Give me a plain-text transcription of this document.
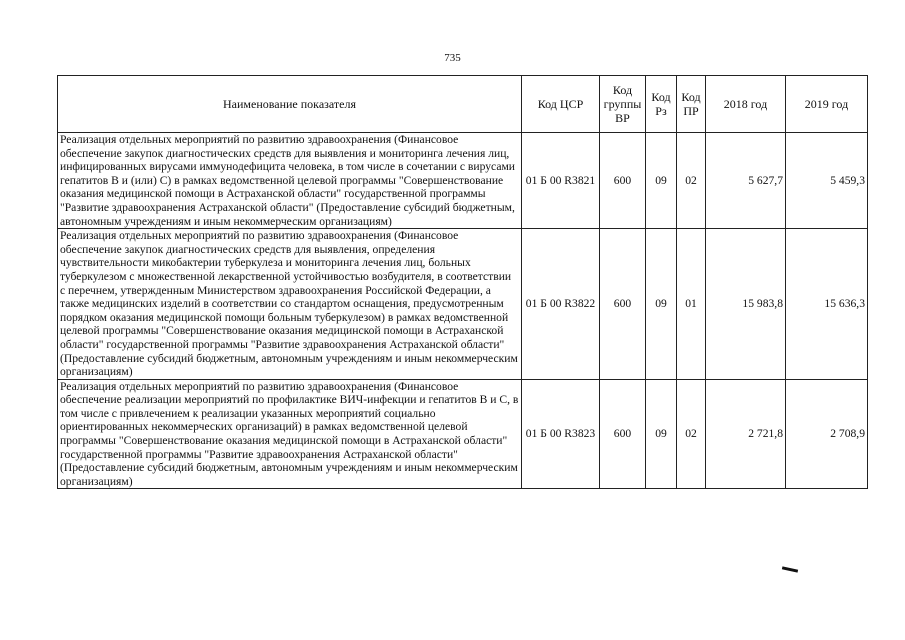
735
Наименование показателя	Код ЦСР	Код группы ВР	Код Рз	Код ПР	2018 год	2019 год
Реализация отдельных мероприятий по развитию здравоохранения (Финансовое обеспечение закупок диагностических средств для выявления и мониторинга лечения лиц, инфицированных вирусами иммунодефицита человека, в том числе в сочетании с вирусами гепатитов В и (или) С) в рамках ведомственной целевой программы "Совершенствование оказания медицинской помощи в Астраханской области" государственной программы "Развитие здравоохранения Астраханской области" (Предоставление субсидий бюджетным, автономным учреждениям и иным некоммерческим организациям)	01 Б 00 R3821	600	09	02	5 627,7	5 459,3
Реализация отдельных мероприятий по развитию здравоохранения (Финансовое обеспечение закупок диагностических средств для выявления, определения чувствительности микобактерии туберкулеза и мониторинга лечения лиц, больных туберкулезом с множественной лекарственной устойчивостью возбудителя, в соответствии с перечнем, утвержденным Министерством здравоохранения Российской Федерации, а также медицинских изделий в соответствии со стандартом оснащения, предусмотренным порядком оказания медицинской помощи больным туберкулезом) в рамках ведомственной целевой программы "Совершенствование оказания медицинской помощи в Астраханской области" государственной программы "Развитие здравоохранения Астраханской области" (Предоставление субсидий бюджетным, автономным учреждениям и иным некоммерческим организациям)	01 Б 00 R3822	600	09	01	15 983,8	15 636,3
Реализация отдельных мероприятий по развитию здравоохранения (Финансовое обеспечение реализации мероприятий по профилактике ВИЧ-инфекции и гепатитов В и С, в том числе с привлечением к реализации указанных мероприятий социально ориентированных некоммерческих организаций) в рамках ведомственной целевой программы "Совершенствование оказания медицинской помощи в Астраханской области" государственной программы "Развитие здравоохранения Астраханской области" (Предоставление субсидий бюджетным, автономным учреждениям и иным некоммерческим организациям)	01 Б 00 R3823	600	09	02	2 721,8	2 708,9
